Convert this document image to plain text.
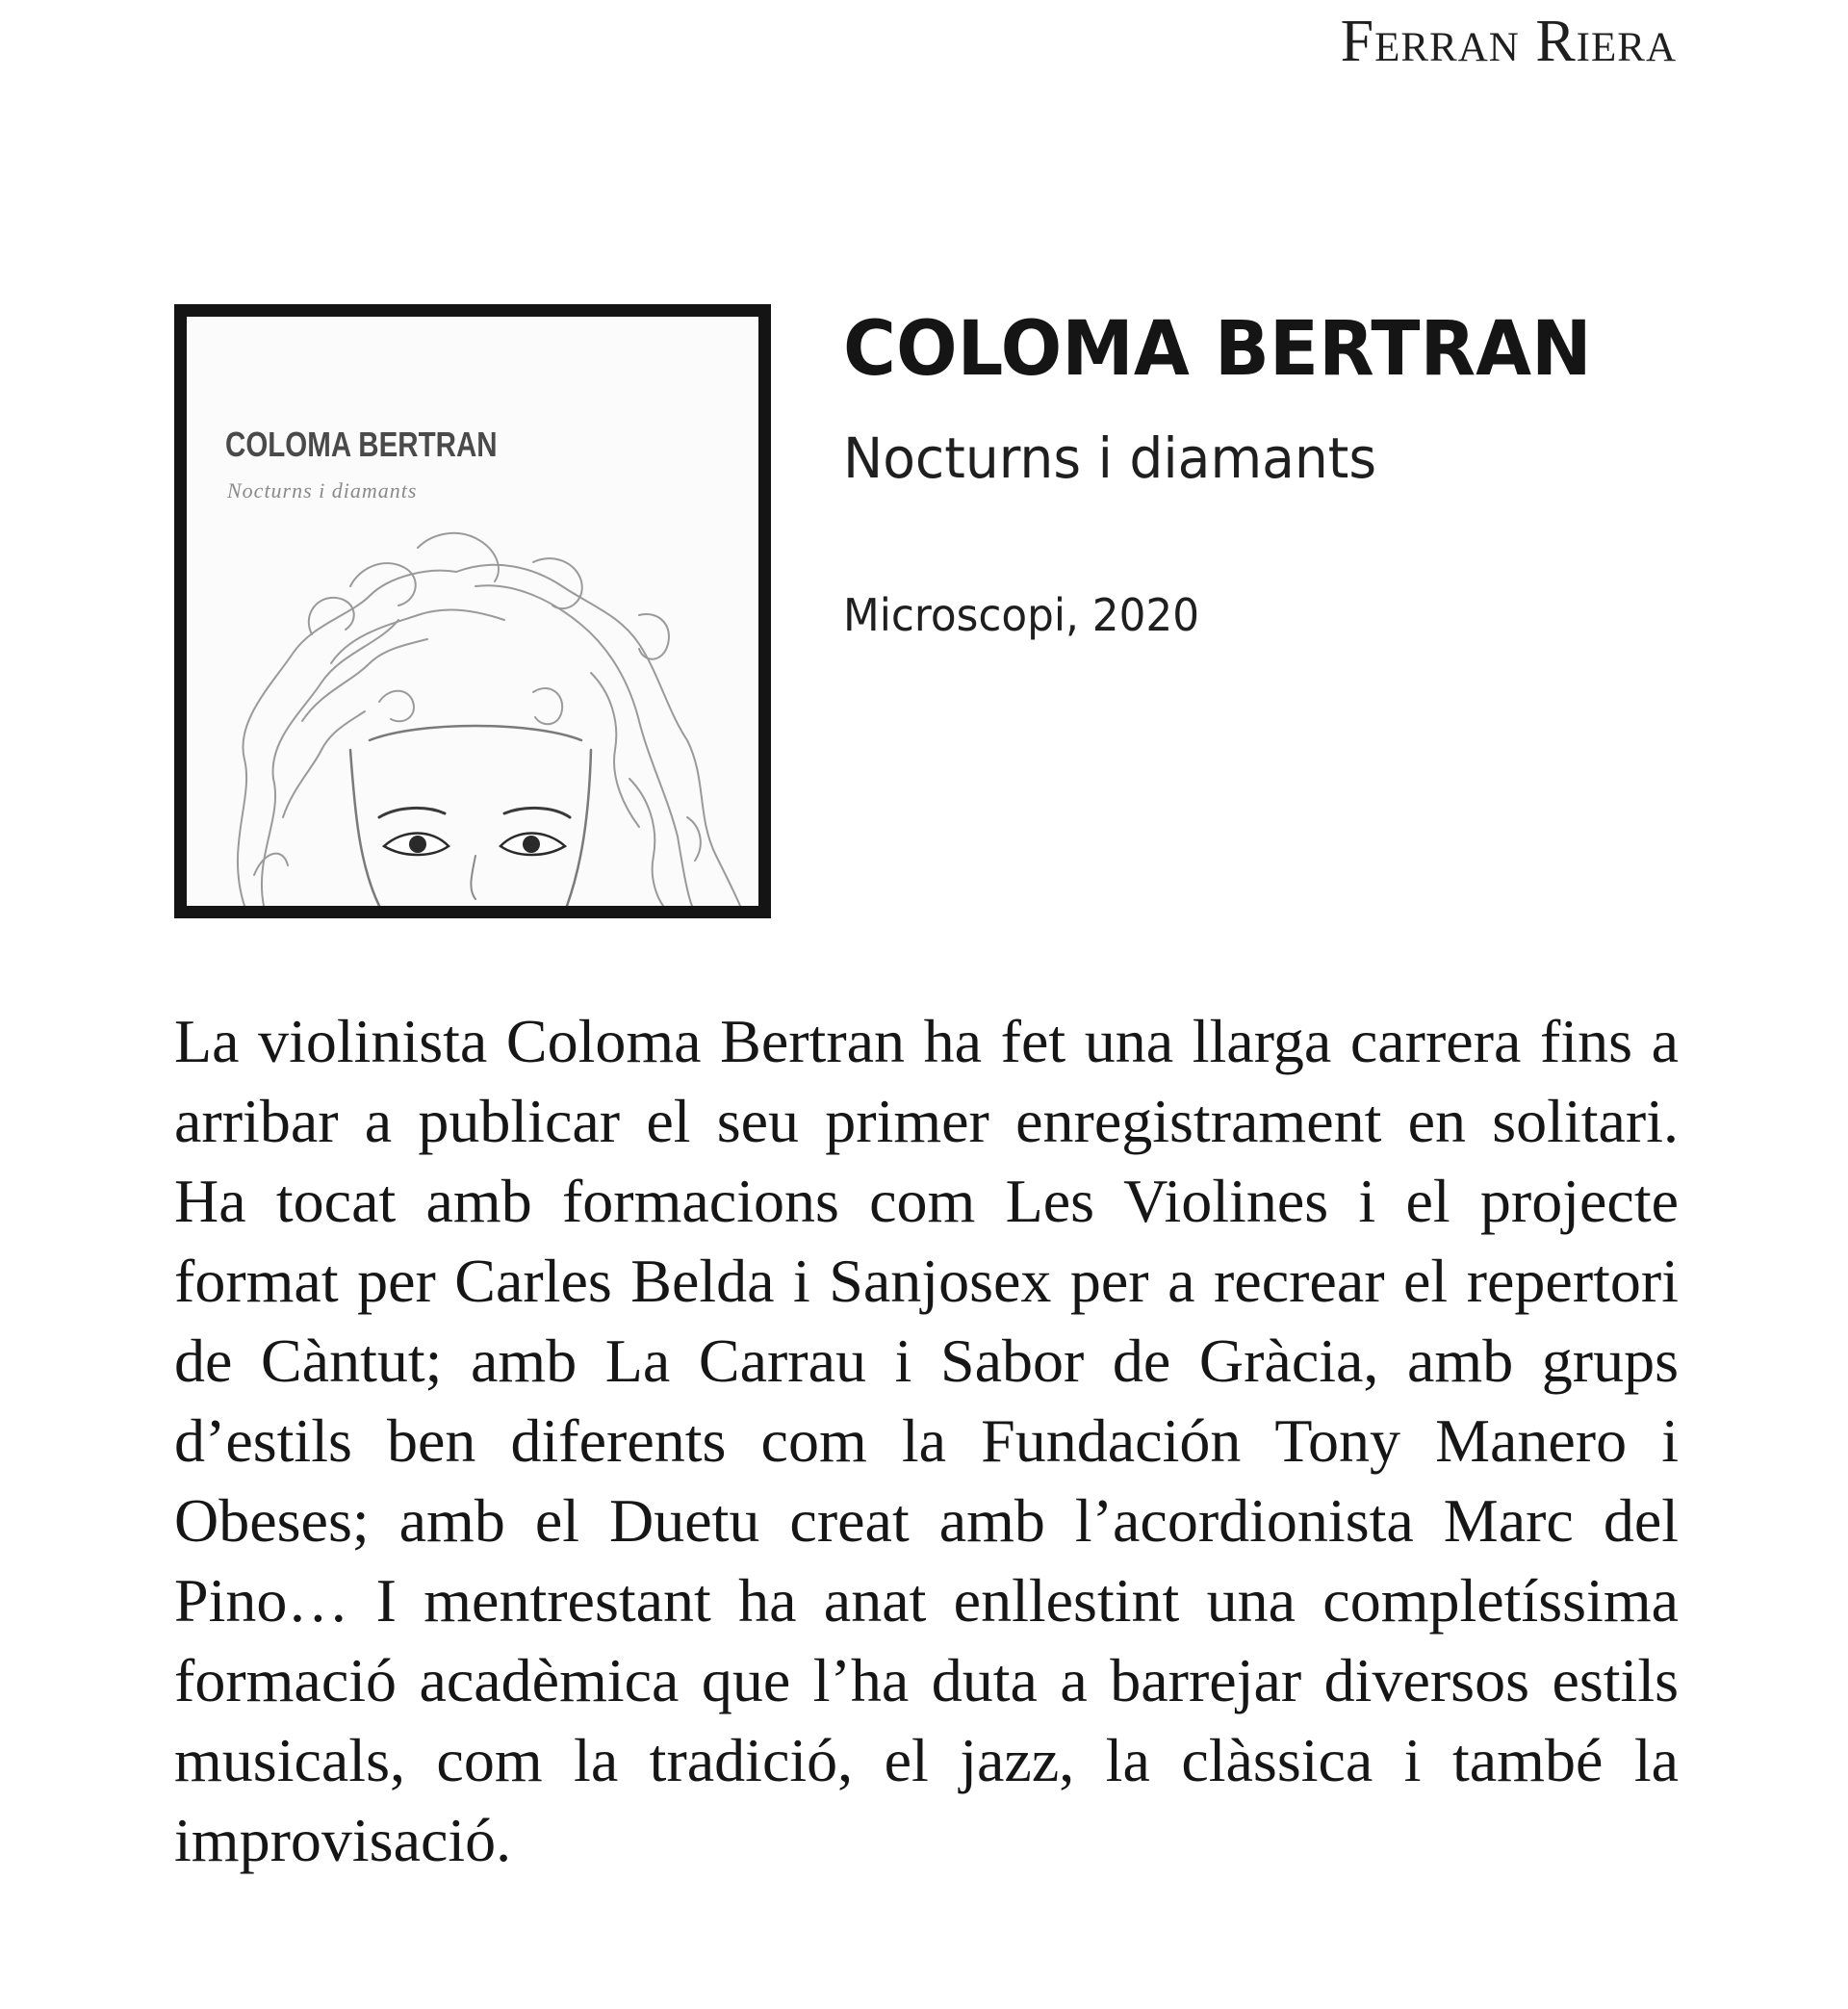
Ferran Riera
COLOMA BERTRAN
Nocturns i diamants
COLOMA BERTRAN
Nocturns i diamants
Microscopi, 2020

La violinista Coloma Bertran ha fet una llarga carrera fins a arribar a publicar el seu primer enregistrament en solitari. Ha tocat amb formacions com Les Violines i el projecte format per Carles Belda i Sanjosex per a recrear el repertori de Càntut; amb La Carrau i Sabor de Gràcia, amb grups d’estils ben diferents com la Fundación Tony Manero i Obeses; amb el Duetu creat amb l’acordionista Marc del Pino… I mentrestant ha anat enllestint una completíssima formació acadèmica que l’ha duta a barrejar diversos estils musicals, com la tradició, el jazz, la clàssica i també la improvisació.
